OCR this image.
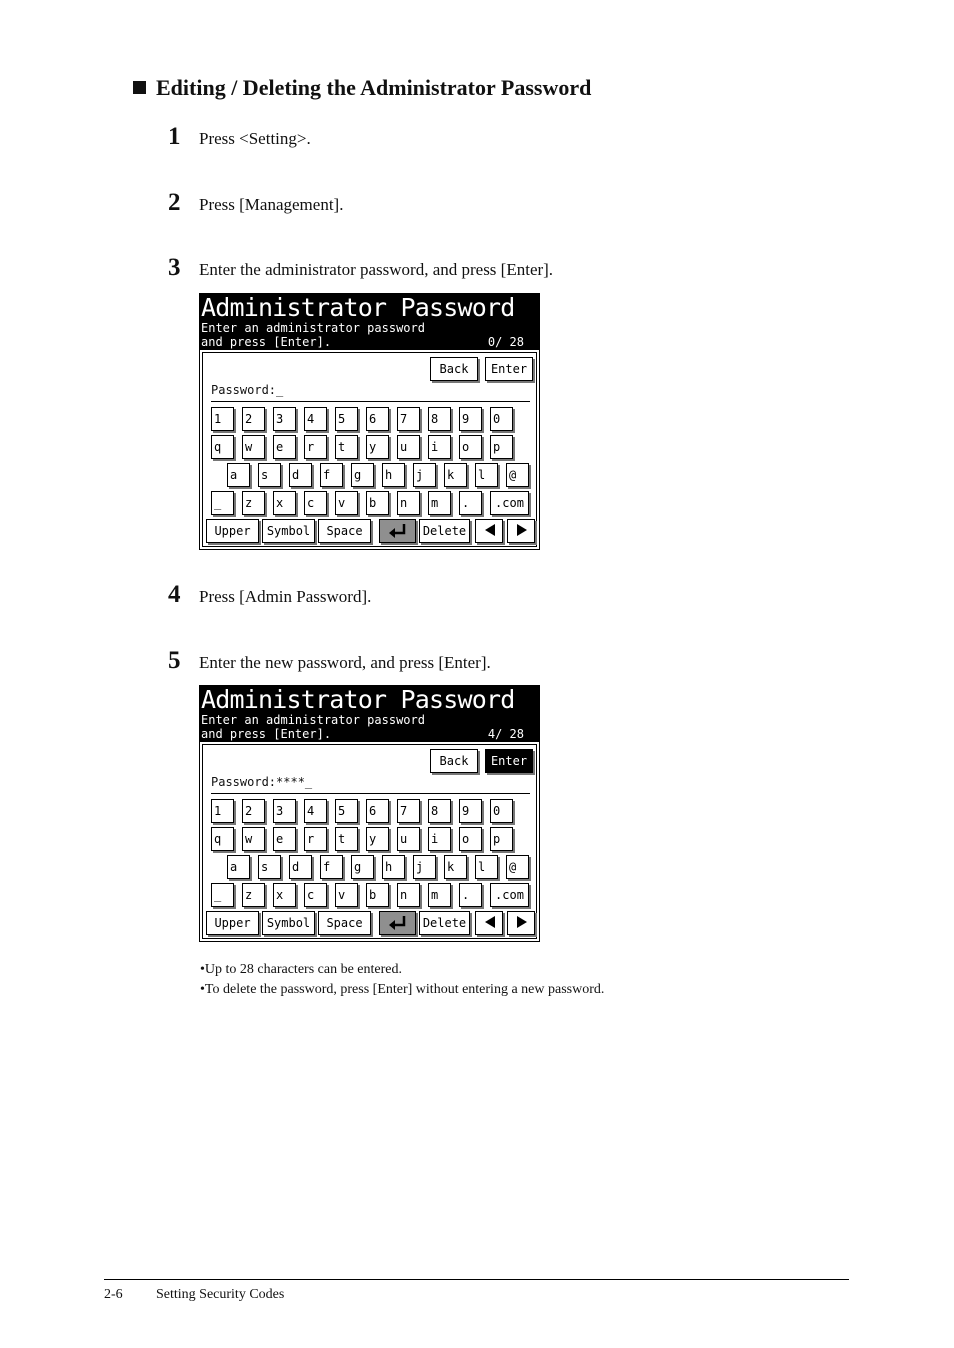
Editing / Deleting the Administrator Password
1	Press <Setting>.
2	Press [Management].
3	Enter the administrator password, and press [Enter].
Administrator Password
Enter an administrator password
and press [Enter].	0/ 28
Back	Enter
Password:_
1	2	3	4	5	6	7	8	9	0
q	w	e	r	t	y	u	i	o	p
a	s	d	f	g	h	j	k	l	@
_	z	x	c	v	b	n	m	.	.com
Upper	Symbol	Space	Delete
4	Press [Admin Password].
5	Enter the new password, and press [Enter].
Administrator Password
Enter an administrator password
and press [Enter].	4/ 28
Back	Enter
Password:****_
1	2	3	4	5	6	7	8	9	0
q	w	e	r	t	y	u	i	o	p
a	s	d	f	g	h	j	k	l	@
_	z	x	c	v	b	n	m	.	.com
Upper	Symbol	Space	Delete
•Up to 28 characters can be entered.
•To delete the password, press [Enter] without entering a new password.
2-6 Setting Security Codes
